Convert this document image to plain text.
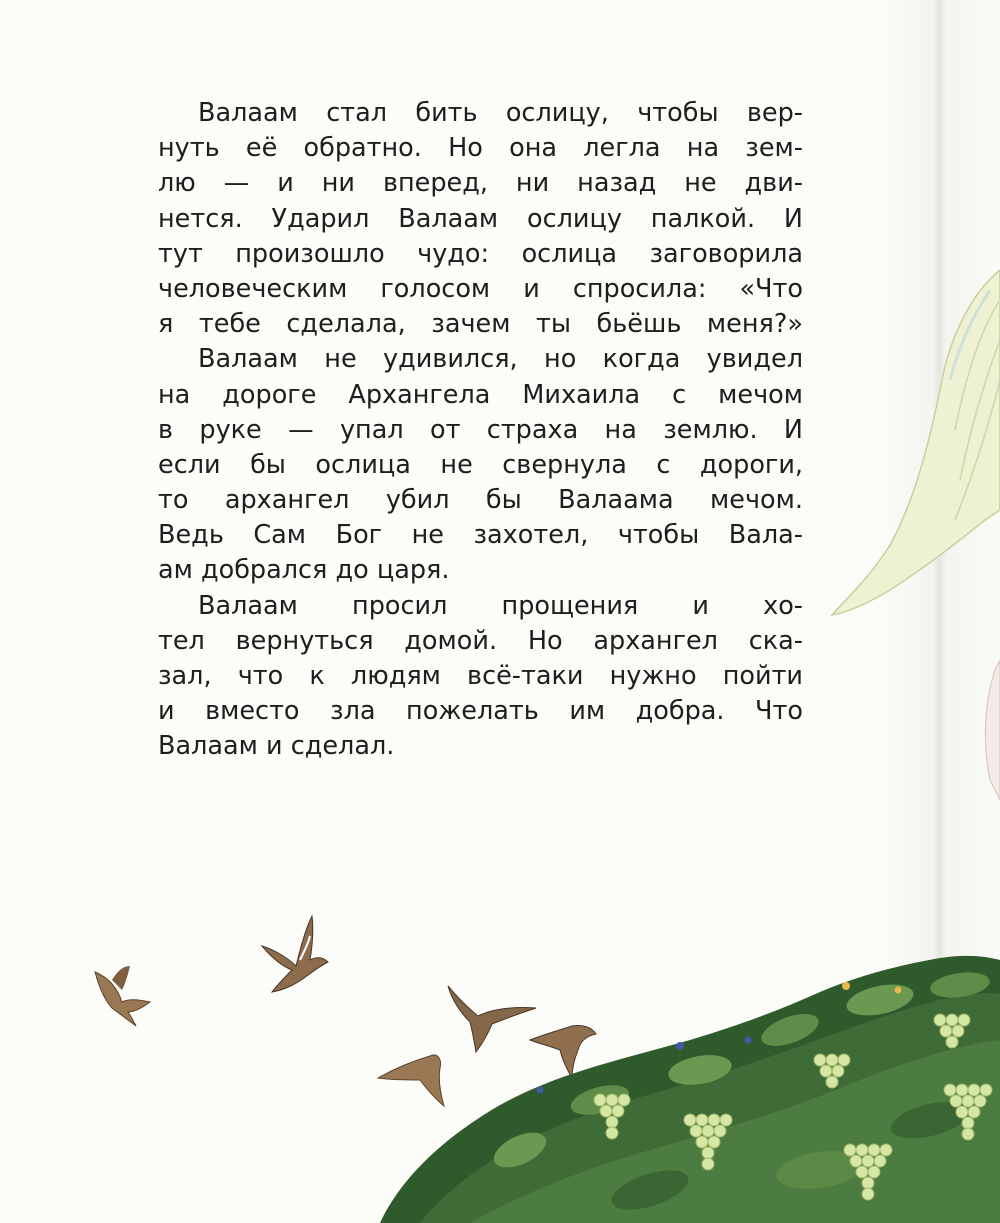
Валаам стал бить ослицу, чтобы вер-
нуть её обратно. Но она легла на зем-
лю — и ни вперед, ни назад не дви-
нется. Ударил Валаам ослицу палкой. И
тут произошло чудо: ослица заговорила
человеческим голосом и спросила: «Что
я тебе сделала, зачем ты бьёшь меня?»
Валаам не удивился, но когда увидел
на дороге Архангела Михаила с мечом
в руке — упал от страха на землю. И
если бы ослица не свернула с дороги,
то архангел убил бы Валаама мечом.
Ведь Сам Бог не захотел, чтобы Вала-
ам добрался до царя.
Валаам просил прощения и хо-
тел вернуться домой. Но архангел ска-
зал, что к людям всё-таки нужно пойти
и вместо зла пожелать им добра. Что
Валаам и сделал.
